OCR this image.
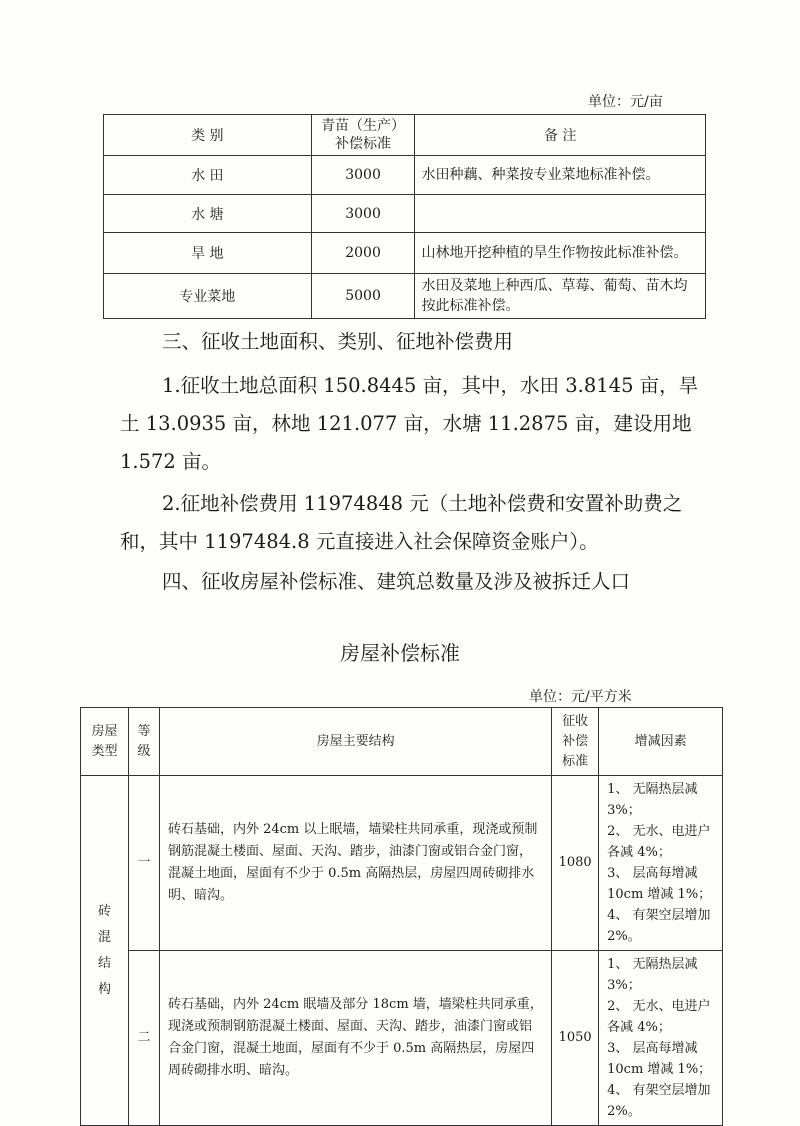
单位：元/亩
类 别	青苗（生产）补偿标准	备 注
水 田	3000	水田种藕、种菜按专业菜地标准补偿。
水 塘	3000	
旱 地	2000	山林地开挖种植的旱生作物按此标准补偿。
专业菜地	5000	水田及菜地上种西瓜、草莓、葡萄、苗木均按此标准补偿。
三、征收土地面积、类别、征地补偿费用
1.征收土地总面积 150.8445 亩，其中，水田 3.8145 亩，旱土 13.0935 亩，林地 121.077 亩，水塘 11.2875 亩，建设用地 1.572 亩。
2.征地补偿费用 11974848 元（土地补偿费和安置补助费之和，其中 1197484.8 元直接进入社会保障资金账户）。
四、征收房屋补偿标准、建筑总数量及涉及被拆迁人口
房屋补偿标准
单位：元/平方米
房屋类型	等级	房屋主要结构	征收补偿标准	增减因素
砖混结构	一	砖石基础，内外 24cm 以上眠墙，墙梁柱共同承重，现浇或预制钢筋混凝土楼面、屋面、天沟、踏步，油漆门窗或铝合金门窗，混凝土地面，屋面有不少于 0.5m 高隔热层，房屋四周砖砌排水明、暗沟。	1080	1、 无隔热层减 3%；
2、 无水、电进户各减 4%；
3、 层高每增减 10cm 增减 1%；
4、 有架空层增加 2%。

	二	砖石基础，内外 24cm 眠墙及部分 18cm 墙，墙梁柱共同承重，现浇或预制钢筋混凝土楼面、屋面、天沟、踏步，油漆门窗或铝合金门窗，混凝土地面，屋面有不少于 0.5m 高隔热层，房屋四周砖砌排水明、暗沟。	1050	1、 无隔热层减 3%；
2、 无水、电进户各减 4%；
3、 层高每增减 10cm 增减 1%；
4、 有架空层增加 2%。
